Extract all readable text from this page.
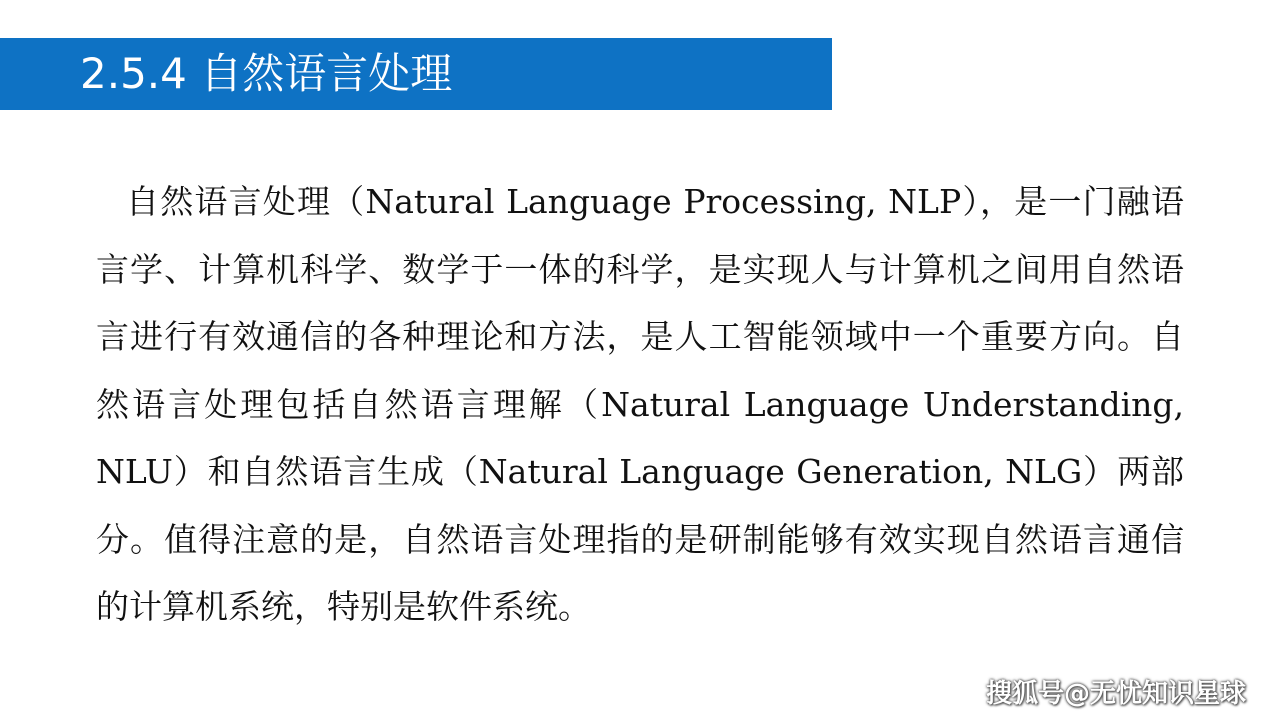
2.5.4 自然语言处理

自然语言处理（Natural Language Processing, NLP），是一门融语言学、计算机科学、数学于一体的科学，是实现人与计算机之间用自然语言进行有效通信的各种理论和方法，是人工智能领域中一个重要方向。自然语言处理包括自然语言理解（Natural Language Understanding, NLU）和自然语言生成（Natural Language Generation, NLG）两部分。值得注意的是，自然语言处理指的是研制能够有效实现自然语言通信的计算机系统，特别是软件系统。

搜狐号@无忧知识星球
